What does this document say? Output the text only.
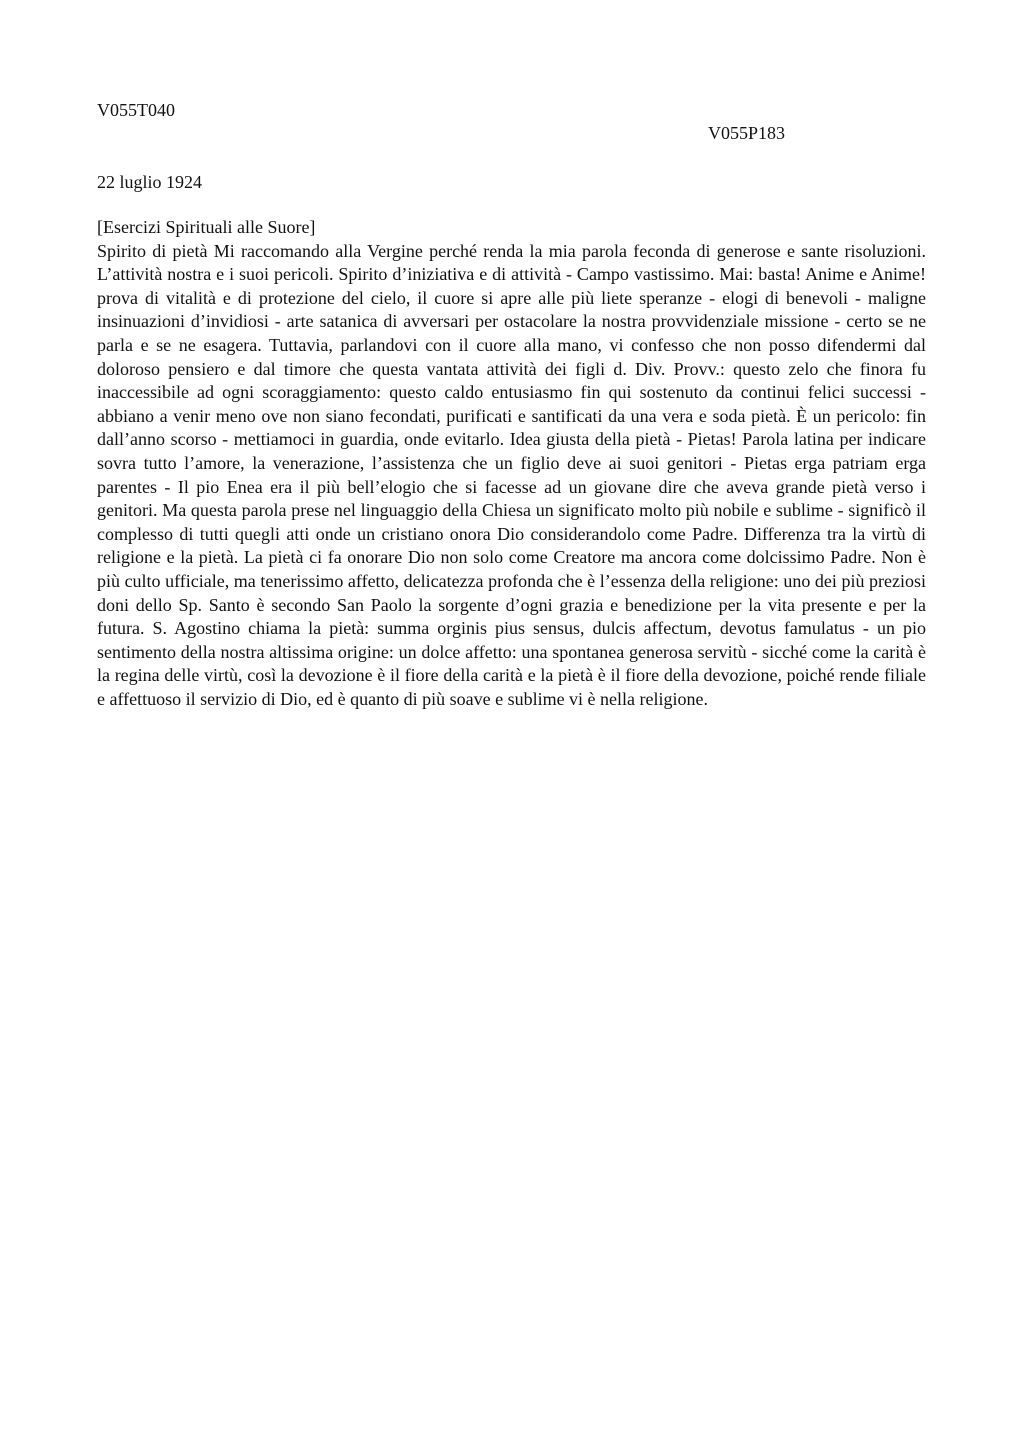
V055T040
V055P183
22 luglio 1924
[Esercizi Spirituali alle Suore]
Spirito di pietà Mi raccomando alla Vergine perché renda la mia parola feconda di generose e sante risoluzioni. L’attività nostra e i suoi pericoli. Spirito d’iniziativa e di attività - Campo vastissimo. Mai: basta! Anime e Anime! prova di vitalità e di protezione del cielo, il cuore si apre alle più liete speranze - elogi di benevoli - maligne insinuazioni d’invidiosi - arte satanica di avversari per ostacolare la nostra provvidenziale missione - certo se ne parla e se ne esagera. Tuttavia, parlandovi con il cuore alla mano, vi confesso che non posso difendermi dal doloroso pensiero e dal timore che questa vantata attività dei figli d. Div. Provv.: questo zelo che finora fu inaccessibile ad ogni scoraggiamento: questo caldo entusiasmo fin qui sostenuto da continui felici successi - abbiano a venir meno ove non siano fecondati, purificati e santificati da una vera e soda pietà. È un pericolo: fin dall’anno scorso - mettiamoci in guardia, onde evitarlo. Idea giusta della pietà - Pietas! Parola latina per indicare sovra tutto l’amore, la venerazione, l’assistenza che un figlio deve ai suoi genitori - Pietas erga patriam erga parentes - Il pio Enea era il più bell’elogio che si facesse ad un giovane dire che aveva grande pietà verso i genitori. Ma questa parola prese nel linguaggio della Chiesa un significato molto più nobile e sublime - significò il complesso di tutti quegli atti onde un cristiano onora Dio considerandolo come Padre. Differenza tra la virtù di religione e la pietà. La pietà ci fa onorare Dio non solo come Creatore ma ancora come dolcissimo Padre. Non è più culto ufficiale, ma tenerissimo affetto, delicatezza profonda che è l’essenza della religione: uno dei più preziosi doni dello Sp. Santo è secondo San Paolo la sorgente d’ogni grazia e benedizione per la vita presente e per la futura. S. Agostino chiama la pietà: summa orginis pius sensus, dulcis affectum, devotus famulatus - un pio sentimento della nostra altissima origine: un dolce affetto: una spontanea generosa servitù - sicché come la carità è la regina delle virtù, così la devozione è il fiore della carità e la pietà è il fiore della devozione, poiché rende filiale e affettuoso il servizio di Dio, ed è quanto di più soave e sublime vi è nella religione.
